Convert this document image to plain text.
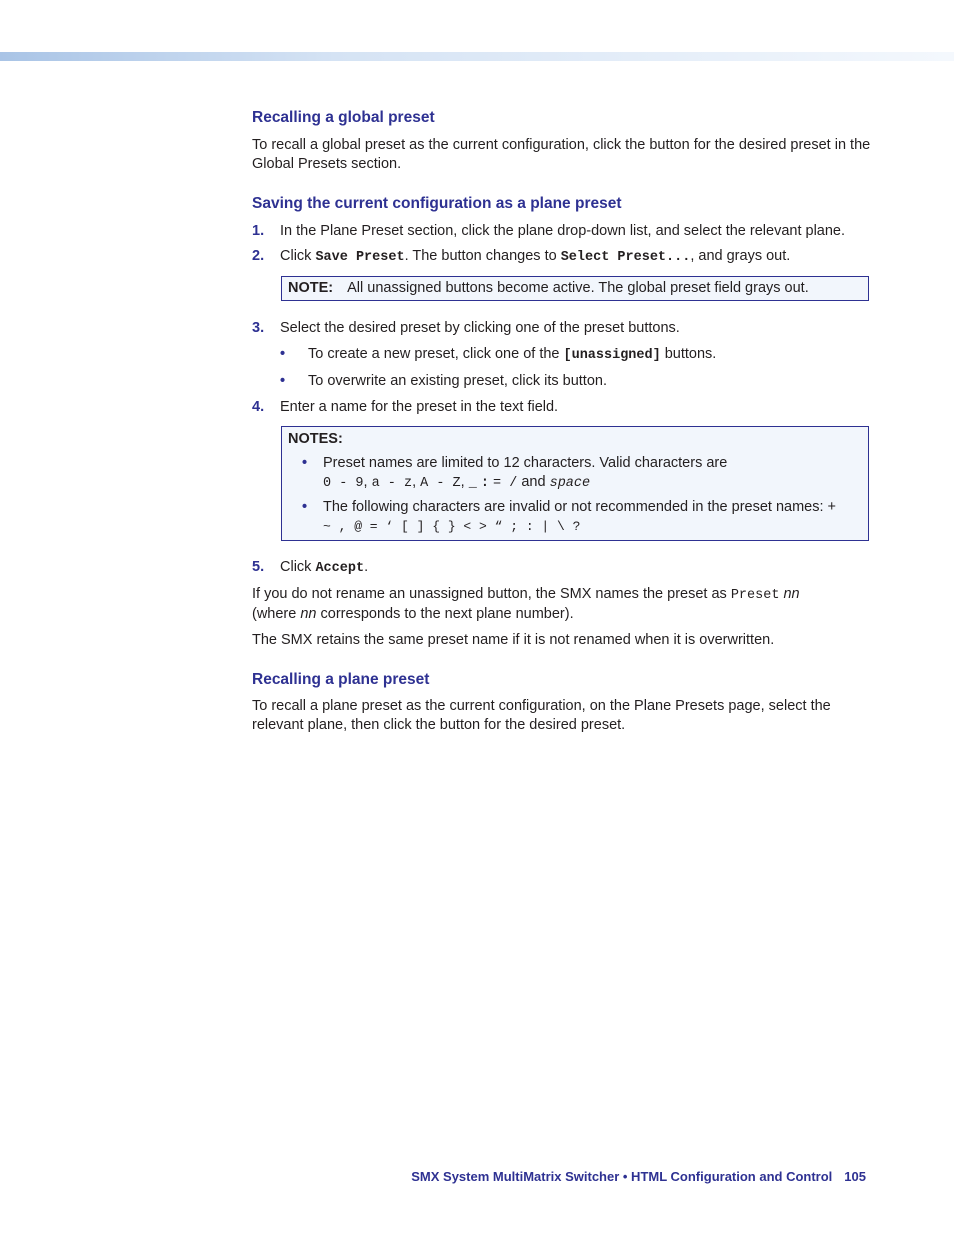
Recalling a global preset

To recall a global preset as the current configuration, click the button for the desired preset in the Global Presets section.

Saving the current configuration as a plane preset
1. In the Plane Preset section, click the plane drop-down list, and select the relevant plane.
2. Click Save Preset. The button changes to Select Preset..., and grays out.
NOTE: All unassigned buttons become active. The global preset field grays out.
3. Select the desired preset by clicking one of the preset buttons.
• To create a new preset, click one of the [unassigned] buttons.
• To overwrite an existing preset, click its button.
4. Enter a name for the preset in the text field.
NOTES:
• Preset names are limited to 12 characters. Valid characters are
0 - 9, a - z, A - Z, _ : = / and space
• The following characters are invalid or not recommended in the preset names: +
~ , @ = ‘ [ ] { } < > “ ; : | \ ?
5. Click Accept.

If you do not rename an unassigned button, the SMX names the preset as Preset nn
(where nn corresponds to the next plane number).

The SMX retains the same preset name if it is not renamed when it is overwritten.

Recalling a plane preset

To recall a plane preset as the current configuration, on the Plane Presets page, select the relevant plane, then click the button for the desired preset.

SMX System MultiMatrix Switcher • HTML Configuration and Control 105
